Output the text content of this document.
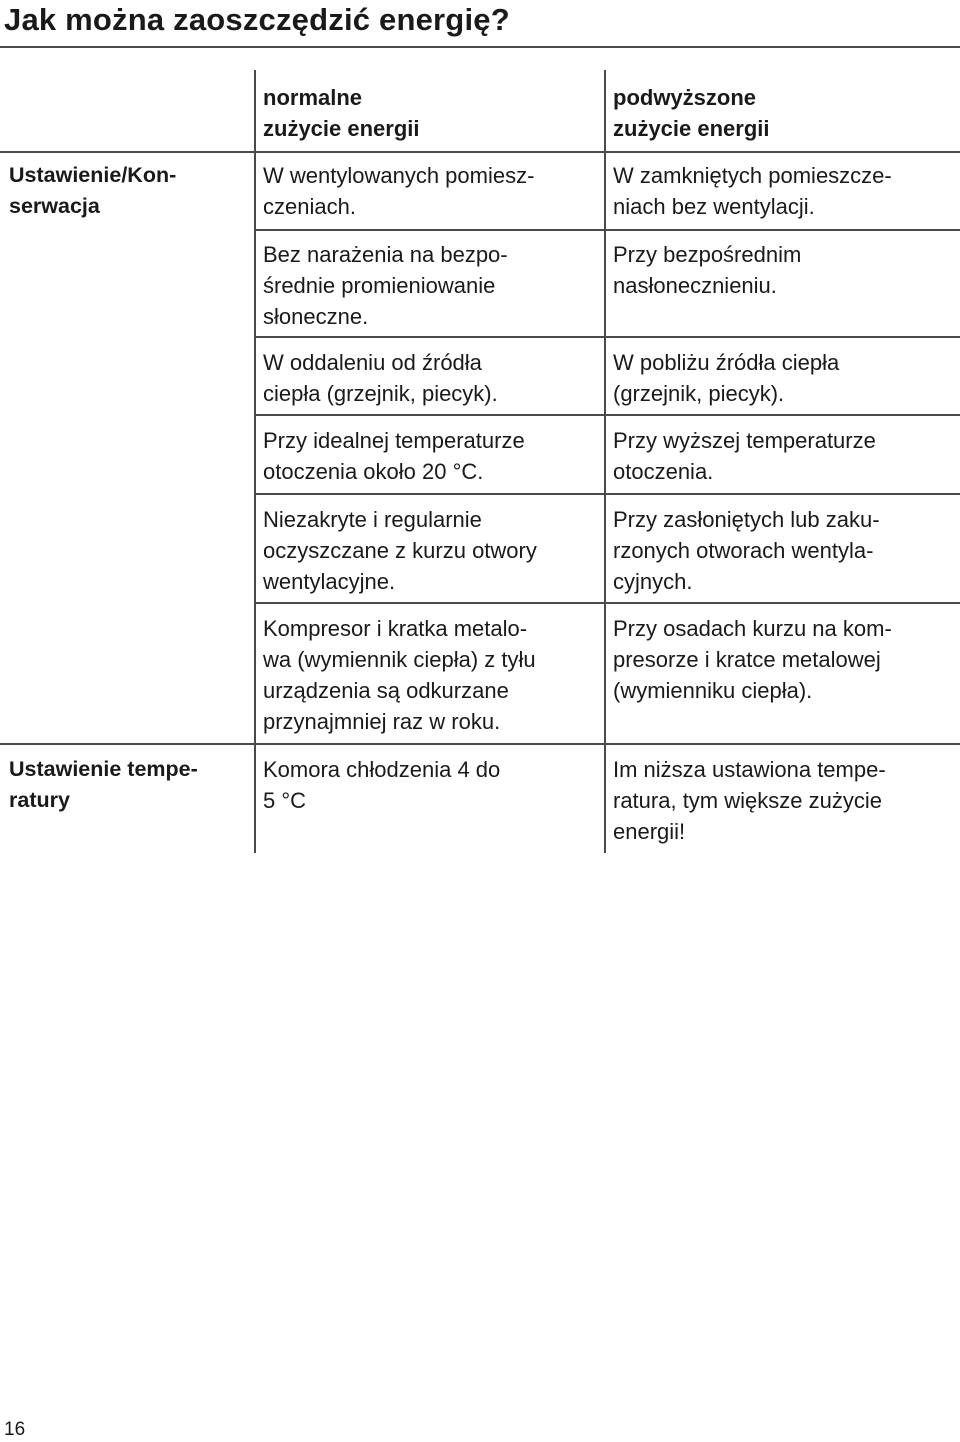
Jak można zaoszczędzić energię?
normalne
zużycie energii
podwyższone
zużycie energii
Ustawienie/Kon-
serwacja
Ustawienie tempe-
ratury
W wentylowanych pomiesz-
czeniach.
W zamkniętych pomieszcze-
niach bez wentylacji.
Bez narażenia na bezpo-
średnie promieniowanie
słoneczne.
Przy bezpośrednim
nasłonecznieniu.
W oddaleniu od źródła
ciepła (grzejnik, piecyk).
W pobliżu źródła ciepła
(grzejnik, piecyk).
Przy idealnej temperaturze
otoczenia około 20 °C.
Przy wyższej temperaturze
otoczenia.
Niezakryte i regularnie
oczyszczane z kurzu otwory
wentylacyjne.
Przy zasłoniętych lub zaku-
rzonych otworach wentyla-
cyjnych.
Kompresor i kratka metalo-
wa (wymiennik ciepła) z tyłu
urządzenia są odkurzane
przynajmniej raz w roku.
Przy osadach kurzu na kom-
presorze i kratce metalowej
(wymienniku ciepła).
Komora chłodzenia 4 do
5 °C
Im niższa ustawiona tempe-
ratura, tym większe zużycie
energii!
16
